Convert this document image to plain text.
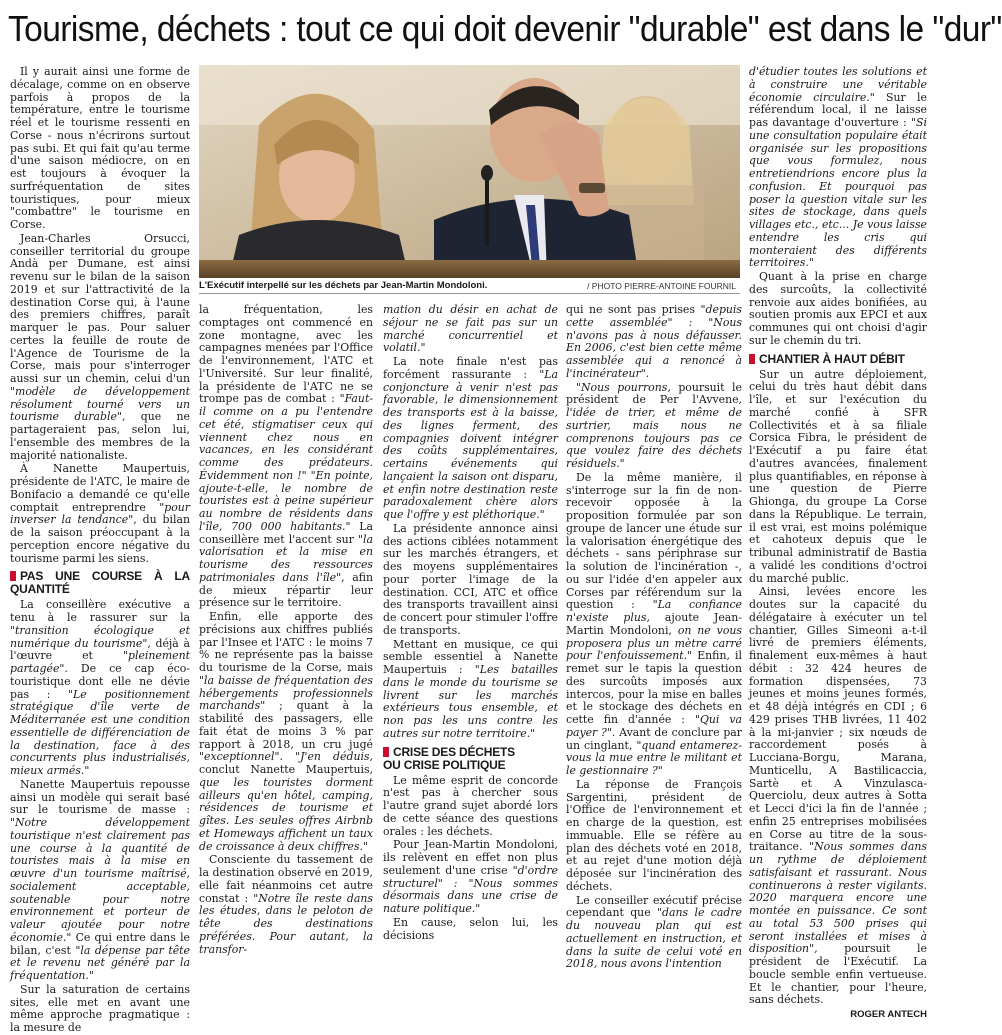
Tourisme, déchets : tout ce qui doit devenir "durable" est dans le "dur"

Il y aurait ainsi une forme de décalage, comme on en observe parfois à propos de la température, entre le tourisme réel et le tourisme ressenti en Corse - nous n'écrirons surtout pas subi. Et qui fait qu'au terme d'une saison médiocre, on en est toujours à évoquer la surfréquentation de sites touristiques, pour mieux "combattre" le tourisme en Corse.

Jean-Charles Orsucci, conseiller territorial du groupe Andà per Dumane, est ainsi revenu sur le bilan de la saison 2019 et sur l'attractivité de la destination Corse qui, à l'aune des premiers chiffres, paraît marquer le pas. Pour saluer certes la feuille de route de l'Agence de Tourisme de la Corse, mais pour s'interroger aussi sur un chemin, celui d'un "modèle de développement résolument tourné vers un tourisme durable", que ne partageraient pas, selon lui, l'ensemble des membres de la majorité nationaliste.

À Nanette Maupertuis, présidente de l'ATC, le maire de Bonifacio a demandé ce qu'elle comptait entreprendre "pour inverser la tendance", du bilan de la saison préoccupant à la perception encore négative du tourisme parmi les siens.

PAS UNE COURSE À LA QUANTITÉ

La conseillère exécutive a tenu à le rassurer sur la "transition écologique et numérique du tourisme", déjà à l'œuvre et "pleinement partagée". De ce cap éco-touristique dont elle ne dévie pas : "Le positionnement stratégique d'île verte de Méditerranée est une condition essentielle de différenciation de la destination, face à des concurrents plus industrialisés, mieux armés."

Nanette Maupertuis repousse ainsi un modèle qui serait basé sur le tourisme de masse : "Notre développement touristique n'est clairement pas une course à la quantité de touristes mais à la mise en œuvre d'un tourisme maîtrisé, socialement acceptable, soutenable pour notre environnement et porteur de valeur ajoutée pour notre économie." Ce qui entre dans le bilan, c'est "la dépense par tête et le revenu net généré par la fréquentation."

Sur la saturation de certains sites, elle met en avant une même approche pragmatique : la mesure de

L'Exécutif interpellé sur les déchets par Jean-Martin Mondoloni.	/ PHOTO PIERRE-ANTOINE FOURNIL

la fréquentation, les comptages ont commencé en zone montagne, avec les campagnes menées par l'Office de l'environnement, l'ATC et l'Université. Sur leur finalité, la présidente de l'ATC ne se trompe pas de combat : "Faut-il comme on a pu l'entendre cet été, stigmatiser ceux qui viennent chez nous en vacances, en les considérant comme des prédateurs. Évidemment non !" "En pointe, ajoute-t-elle, le nombre de touristes est à peine supérieur au nombre de résidents dans l'île, 700 000 habitants." La conseillère met l'accent sur "la valorisation et la mise en tourisme des ressources patrimoniales dans l'île", afin de mieux répartir leur présence sur le territoire.

Enfin, elle apporte des précisions aux chiffres publiés par l'Insee et l'ATC : le moins 7 % ne représente pas la baisse du tourisme de la Corse, mais "la baisse de fréquentation des hébergements professionnels marchands" ; quant à la stabilité des passagers, elle fait état de moins 3 % par rapport à 2018, un cru jugé "exceptionnel". "J'en déduis, conclut Nanette Maupertuis, que les touristes dorment ailleurs qu'en hôtel, camping, résidences de tourisme et gîtes. Les seules offres Airbnb et Homeways affichent un taux de croissance à deux chiffres."

Consciente du tassement de la destination observé en 2019, elle fait néanmoins cet autre constat : "Notre île reste dans les études, dans le peloton de tête des destinations préférées. Pour autant, la transfor-

mation du désir en achat de séjour ne se fait pas sur un marché concurrentiel et volatil."

La note finale n'est pas forcément rassurante : "La conjoncture à venir n'est pas favorable, le dimensionnement des transports est à la baisse, des lignes ferment, des compagnies doivent intégrer des coûts supplémentaires, certains événements qui lançaient la saison ont disparu, et enfin notre destination reste paradoxalement chère alors que l'offre y est pléthorique."

La présidente annonce ainsi des actions ciblées notamment sur les marchés étrangers, et des moyens supplémentaires pour porter l'image de la destination. CCI, ATC et office des transports travaillent ainsi de concert pour stimuler l'offre de transports.

Mettant en musique, ce qui semble essentiel à Nanette Maupertuis : "Les batailles dans le monde du tourisme se livrent sur les marchés extérieurs tous ensemble, et non pas les uns contre les autres sur notre territoire."

CRISE DES DÉCHETS
OU CRISE POLITIQUE

Le même esprit de concorde n'est pas à chercher sous l'autre grand sujet abordé lors de cette séance des questions orales : les déchets.

Pour Jean-Martin Mondoloni, ils relèvent en effet non plus seulement d'une crise "d'ordre structurel" : "Nous sommes désormais dans une crise de nature politique."

En cause, selon lui, les décisions

qui ne sont pas prises "depuis cette assemblée" : "Nous n'avons pas à nous défausser. En 2006, c'est bien cette même assemblée qui a renoncé à l'incinérateur".

"Nous pourrons, poursuit le président de Per l'Avvene, l'idée de trier, et même de surtrier, mais nous ne comprenons toujours pas ce que voulez faire des déchets résiduels."

De la même manière, il s'interroge sur la fin de non-recevoir opposée à la proposition formulée par son groupe de lancer une étude sur la valorisation énergétique des déchets - sans périphrase sur la solution de l'incinération -, ou sur l'idée d'en appeler aux Corses par référendum sur la question : "La confiance n'existe plus, ajoute Jean-Martin Mondoloni, on ne vous proposera plus un mètre carré pour l'enfouissement." Enfin, il remet sur le tapis la question des surcoûts imposés aux intercos, pour la mise en balles et le stockage des déchets en cette fin d'année : "Qui va payer ?". Avant de conclure par un cinglant, "quand entamerez-vous la mue entre le militant et le gestionnaire ?"

La réponse de François Sargentini, président de l'Office de l'environnement et en charge de la question, est immuable. Elle se réfère au plan des déchets voté en 2018, et au rejet d'une motion déjà déposée sur l'incinération des déchets.

Le conseiller exécutif précise cependant que "dans le cadre du nouveau plan qui est actuellement en instruction, et dans la suite de celui voté en 2018, nous avons l'intention

d'étudier toutes les solutions et à construire une véritable économie circulaire." Sur le référendum local, il ne laisse pas davantage d'ouverture : "Si une consultation populaire était organisée sur les propositions que vous formulez, nous entretiendrions encore plus la confusion. Et pourquoi pas poser la question vitale sur les sites de stockage, dans quels villages etc., etc... Je vous laisse entendre les cris qui monteraient des différents territoires."

Quant à la prise en charge des surcoûts, la collectivité renvoie aux aides bonifiées, au soutien promis aux EPCI et aux communes qui ont choisi d'agir sur le chemin du tri.

CHANTIER À HAUT DÉBIT

Sur un autre déploiement, celui du très haut débit dans l'île, et sur l'exécution du marché confié à SFR Collectivités et à sa filiale Corsica Fibra, le président de l'Exécutif a pu faire état d'autres avancées, finalement plus quantifiables, en réponse à une question de Pierre Ghionga, du groupe La Corse dans la République. Le terrain, il est vrai, est moins polémique et cahoteux depuis que le tribunal administratif de Bastia a validé les conditions d'octroi du marché public.

Ainsi, levées encore les doutes sur la capacité du délégataire à exécuter un tel chantier, Gilles Simeoni a-t-il livré de premiers éléments, finalement eux-mêmes à haut débit : 32 424 heures de formation dispensées, 73 jeunes et moins jeunes formés, et 48 déjà intégrés en CDI ; 6 429 prises THB livrées, 11 402 à la mi-janvier ; six nœuds de raccordement posés à Lucciana-Borgu, Marana, Munticellu, A Bastilicaccia, Sartè et A Vinzulasca-Querciolu, deux autres à Sotta et Lecci d'ici la fin de l'année ; enfin 25 entreprises mobilisées en Corse au titre de la sous-traitance. "Nous sommes dans un rythme de déploiement satisfaisant et rassurant. Nous continuerons à rester vigilants. 2020 marquera encore une montée en puissance. Ce sont au total 53 500 prises qui seront installées et mises à disposition", poursuit le président de l'Exécutif. La boucle semble enfin vertueuse. Et le chantier, pour l'heure, sans déchets.

ROGER ANTECH
